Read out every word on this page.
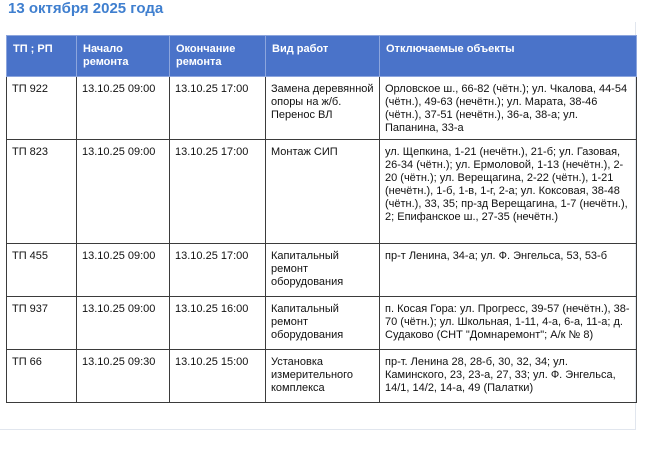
13 октября 2025 года
ТП ; РП	Начало ремонта	Окончание ремонта	Вид работ	Отключаемые объекты
ТП 922	13.10.25 09:00	13.10.25 17:00	Замена деревянной опоры на ж/б. Перенос ВЛ	Орловское ш., 66-82 (чётн.); ул. Чкалова, 44-54 (чётн.), 49-63 (нечётн.); ул. Марата, 38-46 (чётн.), 37-51 (нечётн.), 36-а, 38-а; ул. Папанина, 33-а
ТП 823	13.10.25 09:00	13.10.25 17:00	Монтаж СИП	ул. Щепкина, 1-21 (нечётн.), 21-б; ул. Газовая, 26-34 (чётн.); ул. Ермоловой, 1-13 (нечётн.), 2-20 (чётн.); ул. Верещагина, 2-22 (чётн.), 1-21 (нечётн.), 1-б, 1-в, 1-г, 2-а; ул. Коксовая, 38-48 (чётн.), 33, 35; пр-зд Верещагина, 1-7 (нечётн.), 2; Епифанское ш., 27-35 (нечётн.)
ТП 455	13.10.25 09:00	13.10.25 17:00	Капитальный ремонт оборудования	пр-т Ленина, 34-а; ул. Ф. Энгельса, 53, 53-б
ТП 937	13.10.25 09:00	13.10.25 16:00	Капитальный ремонт оборудования	п. Косая Гора: ул. Прогресс, 39-57 (нечётн.), 38-70 (чётн.); ул. Школьная, 1-11, 4-а, 6-а, 11-а; д. Судаково (СНТ "Домнаремонт"; А/к № 8)
ТП 66	13.10.25 09:30	13.10.25 15:00	Установка измерительного комплекса	пр-т. Ленина 28, 28-б, 30, 32, 34; ул. Каминского, 23, 23-а, 27, 33; ул. Ф. Энгельса, 14/1, 14/2, 14-а, 49 (Палатки)
